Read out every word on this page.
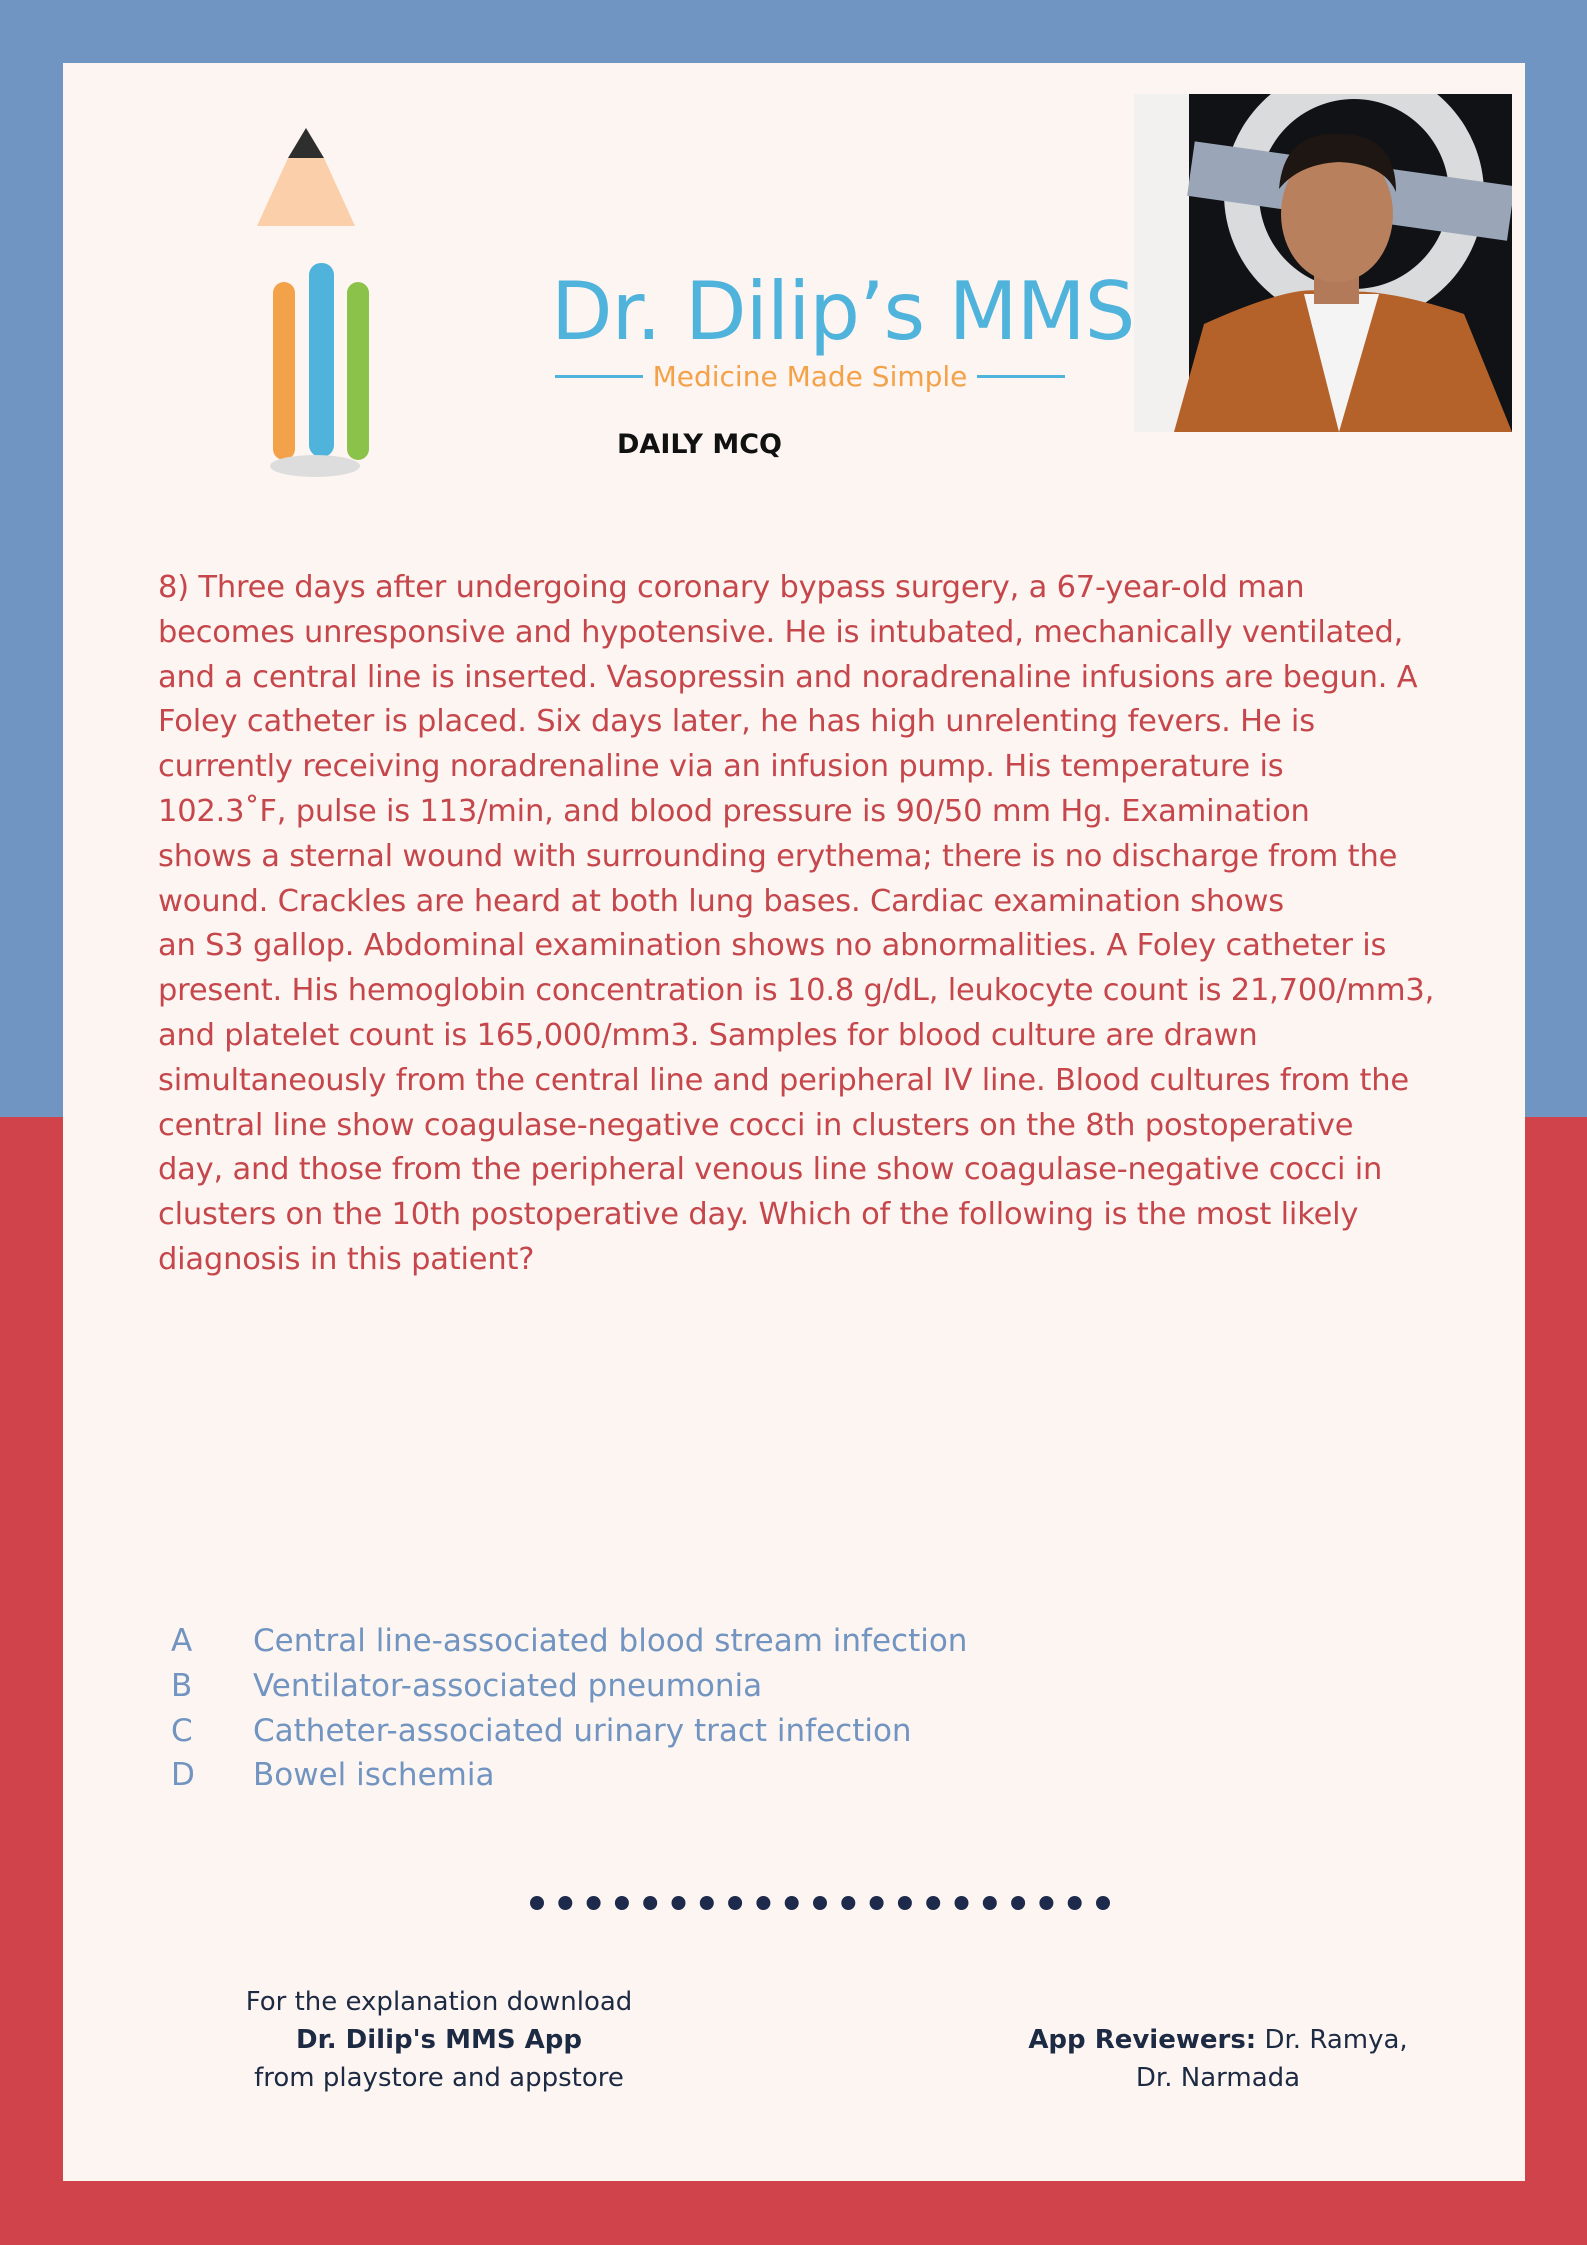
Dr. Dilip’s MMS
Medicine Made Simple
DAILY MCQ
8) Three days after undergoing coronary bypass surgery, a 67-year-old man
becomes unresponsive and hypotensive. He is intubated, mechanically ventilated,
and a central line is inserted. Vasopressin and noradrenaline infusions are begun. A
Foley catheter is placed. Six days later, he has high unrelenting fevers. He is
currently receiving noradrenaline via an infusion pump. His temperature is
102.3˚F, pulse is 113/min, and blood pressure is 90/50 mm Hg. Examination
shows a sternal wound with surrounding erythema; there is no discharge from the
wound. Crackles are heard at both lung bases. Cardiac examination shows
an S3 gallop. Abdominal examination shows no abnormalities. A Foley catheter is
present. His hemoglobin concentration is 10.8 g/dL, leukocyte count is 21,700/mm3,
and platelet count is 165,000/mm3. Samples for blood culture are drawn
simultaneously from the central line and peripheral IV line. Blood cultures from the
central line show coagulase-negative cocci in clusters on the 8th postoperative
day, and those from the peripheral venous line show coagulase-negative cocci in
clusters on the 10th postoperative day. Which of the following is the most likely
diagnosis in this patient?
A	Central line-associated blood stream infection
B	Ventilator-associated pneumonia
C	Catheter-associated urinary tract infection
D	Bowel ischemia
For the explanation download
Dr. Dilip's MMS App
from playstore and appstore
App Reviewers: Dr. Ramya,
Dr. Narmada
